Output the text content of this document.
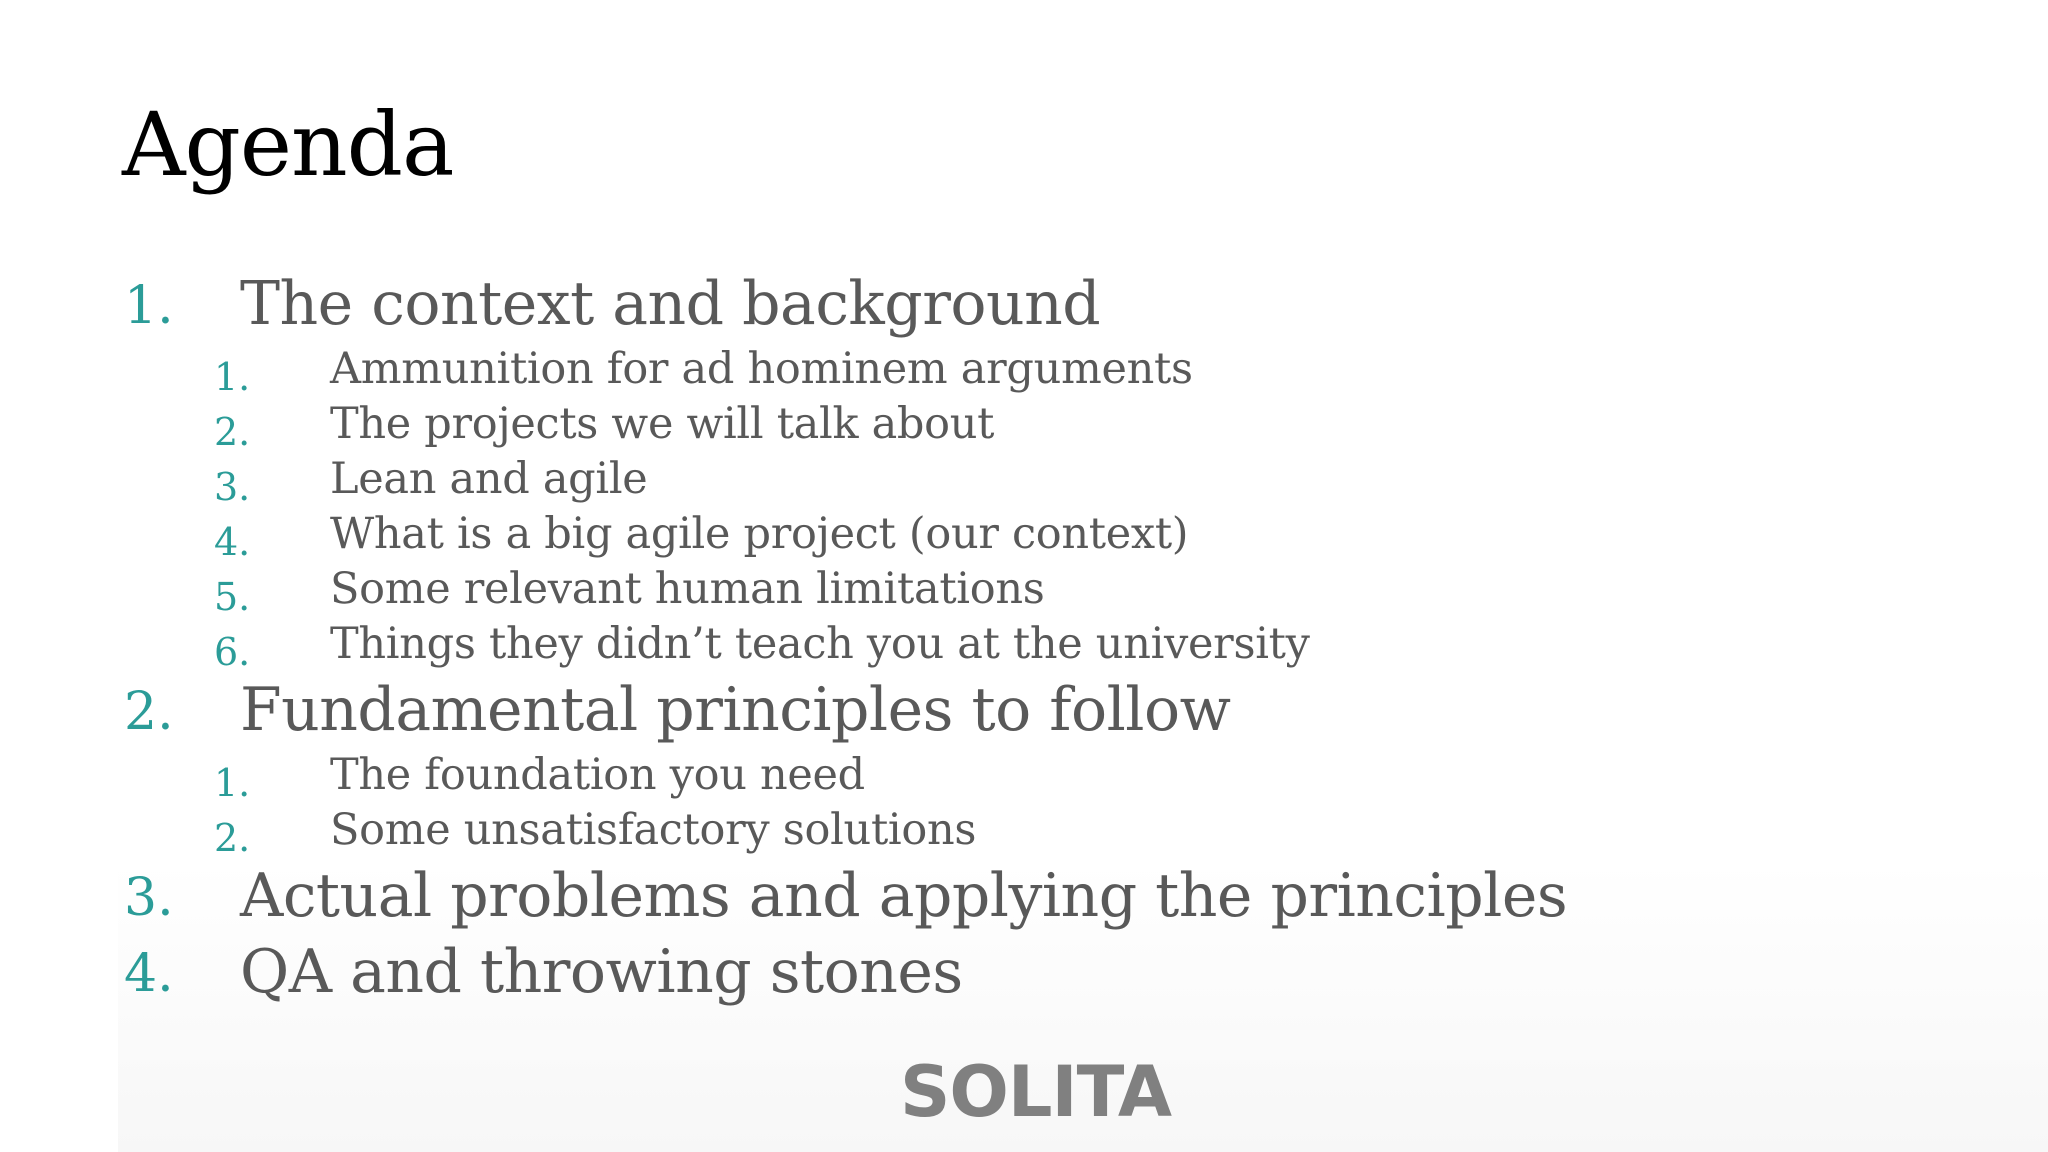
Agenda
1. The context and background
1. Ammunition for ad hominem arguments
2. The projects we will talk about
3. Lean and agile
4. What is a big agile project (our context)
5. Some relevant human limitations
6. Things they didn’t teach you at the university
2. Fundamental principles to follow
1. The foundation you need
2. Some unsatisfactory solutions
3. Actual problems and applying the principles
4. QA and throwing stones
SOLITA
